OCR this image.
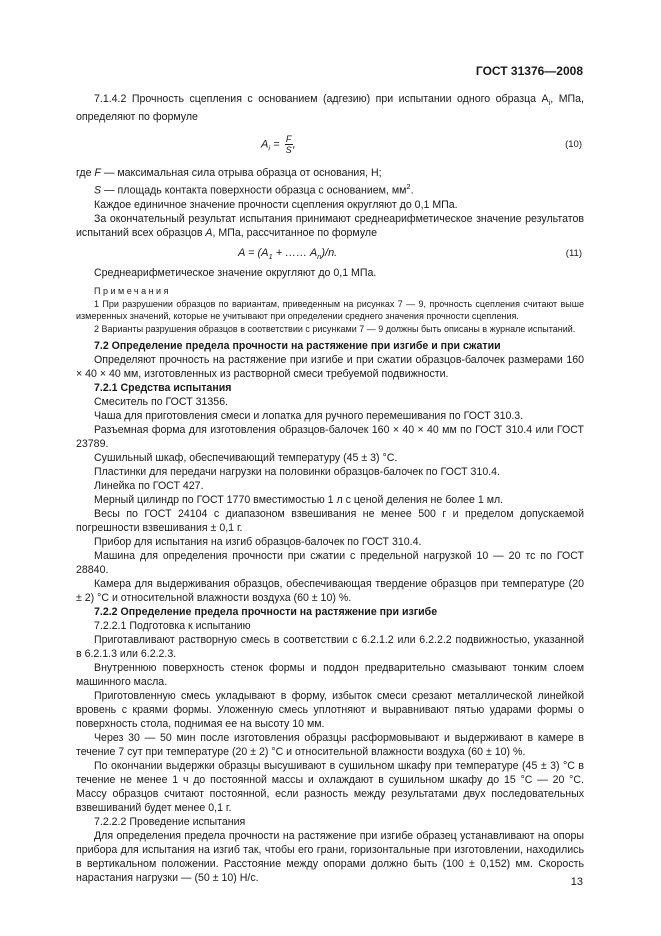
ГОСТ 31376—2008

7.1.4.2 Прочность сцепления с основанием (адгезию) при испытании одного образца $A_i$, МПа, определяют по формуле

$A_i = \frac{F}{S}$ ,	(10)

где F — максимальная сила отрыва образца от основания, Н;

S — площадь контакта поверхности образца с основанием, $мм^2$.

Каждое единичное значение прочности сцепления округляют до 0,1 МПа.

За окончательный результат испытания принимают среднеарифметическое значение результатов испытаний всех образцов A, МПа, рассчитанное по формуле

$A = (A_1$ + …… $A_n)/n$.	(11)

Среднеарифметическое значение округляют до 0,1 МПа.

Примечания

1 При разрушении образцов по вариантам, приведенным на рисунках 7 — 9, прочность сцепления считают выше измеренных значений, которые не учитывают при определении среднего значения прочности сцепления.

2 Варианты разрушения образцов в соответствии с рисунками 7 — 9 должны быть описаны в журнале испытаний.

7.2 Определение предела прочности на растяжение при изгибе и при сжатии

Определяют прочность на растяжение при изгибе и при сжатии образцов-балочек размерами 160 × 40 × 40 мм, изготовленных из растворной смеси требуемой подвижности.

7.2.1 Средства испытания

Смеситель по ГОСТ 31356.

Чаша для приготовления смеси и лопатка для ручного перемешивания по ГОСТ 310.3.

Разъемная форма для изготовления образцов-балочек 160 × 40 × 40 мм по ГОСТ 310.4 или ГОСТ 23789.

Сушильный шкаф, обеспечивающий температуру (45 ± 3) °С.

Пластинки для передачи нагрузки на половинки образцов-балочек по ГОСТ 310.4.

Линейка по ГОСТ 427.

Мерный цилиндр по ГОСТ 1770 вместимостью 1 л с ценой деления не более 1 мл.

Весы по ГОСТ 24104 с диапазоном взвешивания не менее 500 г и пределом допускаемой погрешности взвешивания ± 0,1 г.

Прибор для испытания на изгиб образцов-балочек по ГОСТ 310.4.

Машина для определения прочности при сжатии с предельной нагрузкой 10 — 20 тс по ГОСТ 28840.

Камера для выдерживания образцов, обеспечивающая твердение образцов при температуре (20 ± 2) °С и относительной влажности воздуха (60 ± 10) %.

7.2.2 Определение предела прочности на растяжение при изгибе

7.2.2.1 Подготовка к испытанию

Приготавливают растворную смесь в соответствии с 6.2.1.2 или 6.2.2.2 подвижностью, указанной в 6.2.1.3 или 6.2.2.3.

Внутреннюю поверхность стенок формы и поддон предварительно смазывают тонким слоем машинного масла.

Приготовленную смесь укладывают в форму, избыток смеси срезают металлической линейкой вровень с краями формы. Уложенную смесь уплотняют и выравнивают пятью ударами формы о поверхность стола, поднимая ее на высоту 10 мм.

Через 30 — 50 мин после изготовления образцы расформовывают и выдерживают в камере в течение 7 сут при температуре (20 ± 2) °С и относительной влажности воздуха (60 ± 10) %.

По окончании выдержки образцы высушивают в сушильном шкафу при температуре (45 ± 3) °С в течение не менее 1 ч до постоянной массы и охлаждают в сушильном шкафу до 15 °С — 20 °С. Массу образцов считают постоянной, если разность между результатами двух последовательных взвешиваний будет менее 0,1 г.

7.2.2.2 Проведение испытания

Для определения предела прочности на растяжение при изгибе образец устанавливают на опоры прибора для испытания на изгиб так, чтобы его грани, горизонтальные при изготовлении, находились в вертикальном положении. Расстояние между опорами должно быть (100 ± 0,152) мм. Скорость нарастания нагрузки — (50 ± 10) Н/с.	13
